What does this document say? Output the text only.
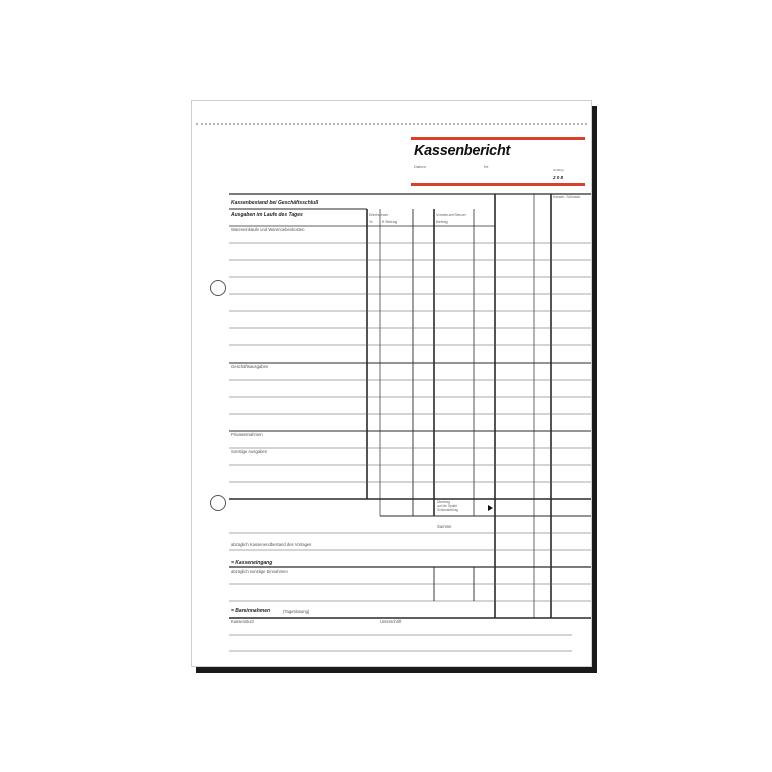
Kassenbericht
Datum	Nr.
Nrd/lfdg
2 0 8
Kassenbestand bei Geschäftsschluß
Ausgaben im Laufe des Tages
Wareneinkäufe und Warennebenkosten
Wertsteuer
% € Betrag
Vorsteuer/Steuer
Betrag
Kassen- Schlussb.
Geschäftsausgaben
Privatentnahmen
Sonstige Ausgaben
Übertrag
auf die Spalte
Schlussbetrag
Summe
abzüglich Kassenendbestand des Vortages
= Kasseneingang
abzüglich sonstige Einnahmen
= Bareinnahmen	(Tageslosung)
Kassensturz	Unterschrift
